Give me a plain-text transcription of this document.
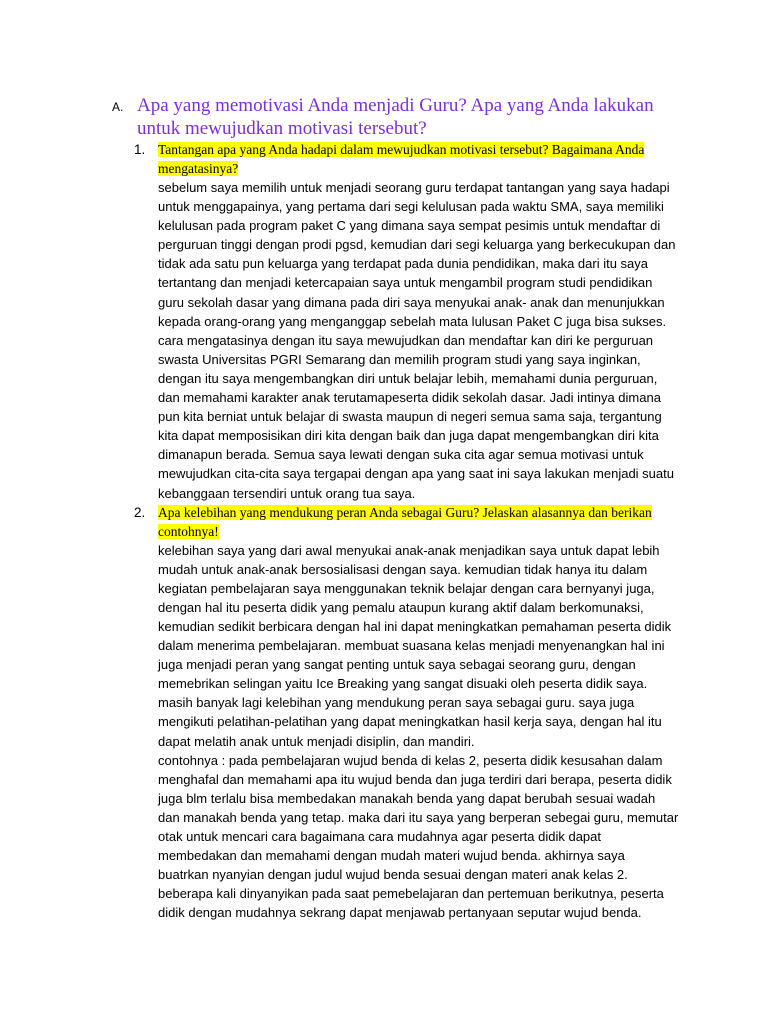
A. Apa yang memotivasi Anda menjadi Guru? Apa yang Anda lakukan untuk mewujudkan motivasi tersebut?
1. Tantangan apa yang Anda hadapi dalam mewujudkan motivasi tersebut? Bagaimana Anda mengatasinya?

sebelum saya memilih untuk menjadi seorang guru terdapat tantangan yang saya hadapi untuk menggapainya, yang pertama dari segi kelulusan pada waktu SMA, saya memiliki kelulusan pada program paket C yang dimana saya sempat pesimis untuk mendaftar di perguruan tinggi dengan prodi pgsd, kemudian dari segi keluarga yang berkecukupan dan tidak ada satu pun keluarga yang terdapat pada dunia pendidikan, maka dari itu saya tertantang dan menjadi ketercapaian saya untuk mengambil program studi pendidikan guru sekolah dasar yang dimana pada diri saya menyukai anak- anak dan menunjukkan kepada orang-orang yang menganggap sebelah mata lulusan Paket C juga bisa sukses. cara mengatasinya dengan itu saya mewujudkan dan mendaftar kan diri ke perguruan swasta Universitas PGRI Semarang dan memilih program studi yang saya inginkan, dengan itu saya mengembangkan diri untuk belajar lebih, memahami dunia perguruan, dan memahami karakter anak terutamapeserta didik sekolah dasar. Jadi intinya dimana pun kita berniat untuk belajar di swasta maupun di negeri semua sama saja, tergantung kita dapat memposisikan diri kita dengan baik dan juga dapat mengembangkan diri kita dimanapun berada. Semua saya lewati dengan suka cita agar semua motivasi untuk mewujudkan cita-cita saya tergapai dengan apa yang saat ini saya lakukan menjadi suatu kebanggaan tersendiri untuk orang tua saya.

2. Apa kelebihan yang mendukung peran Anda sebagai Guru? Jelaskan alasannya dan berikan contohnya!

kelebihan saya yang dari awal menyukai anak-anak menjadikan saya untuk dapat lebih mudah untuk anak-anak bersosialisasi dengan saya. kemudian tidak hanya itu dalam kegiatan pembelajaran saya menggunakan teknik belajar dengan cara bernyanyi juga, dengan hal itu peserta didik yang pemalu ataupun kurang aktif dalam berkomunaksi, kemudian sedikit berbicara dengan hal ini dapat meningkatkan pemahaman peserta didik dalam menerima pembelajaran. membuat suasana kelas menjadi menyenangkan hal ini juga menjadi peran yang sangat penting untuk saya sebagai seorang guru, dengan memebrikan selingan yaitu Ice Breaking yang sangat disuaki oleh peserta didik saya. masih banyak lagi kelebihan yang mendukung peran saya sebagai guru. saya juga mengikuti pelatihan-pelatihan yang dapat meningkatkan hasil kerja saya, dengan hal itu dapat melatih anak untuk menjadi disiplin, dan mandiri.

contohnya : pada pembelajaran wujud benda di kelas 2, peserta didik kesusahan dalam menghafal dan memahami apa itu wujud benda dan juga terdiri dari berapa, peserta didik juga blm terlalu bisa membedakan manakah benda yang dapat berubah sesuai wadah dan manakah benda yang tetap. maka dari itu saya yang berperan sebegai guru, memutar otak untuk mencari cara bagaimana cara mudahnya agar peserta didik dapat membedakan dan memahami dengan mudah materi wujud benda. akhirnya saya buatrkan nyanyian dengan judul wujud benda sesuai dengan materi anak kelas 2. beberapa kali dinyanyikan pada saat pemebelajaran dan pertemuan berikutnya, peserta didik dengan mudahnya sekrang dapat menjawab pertanyaan seputar wujud benda.
